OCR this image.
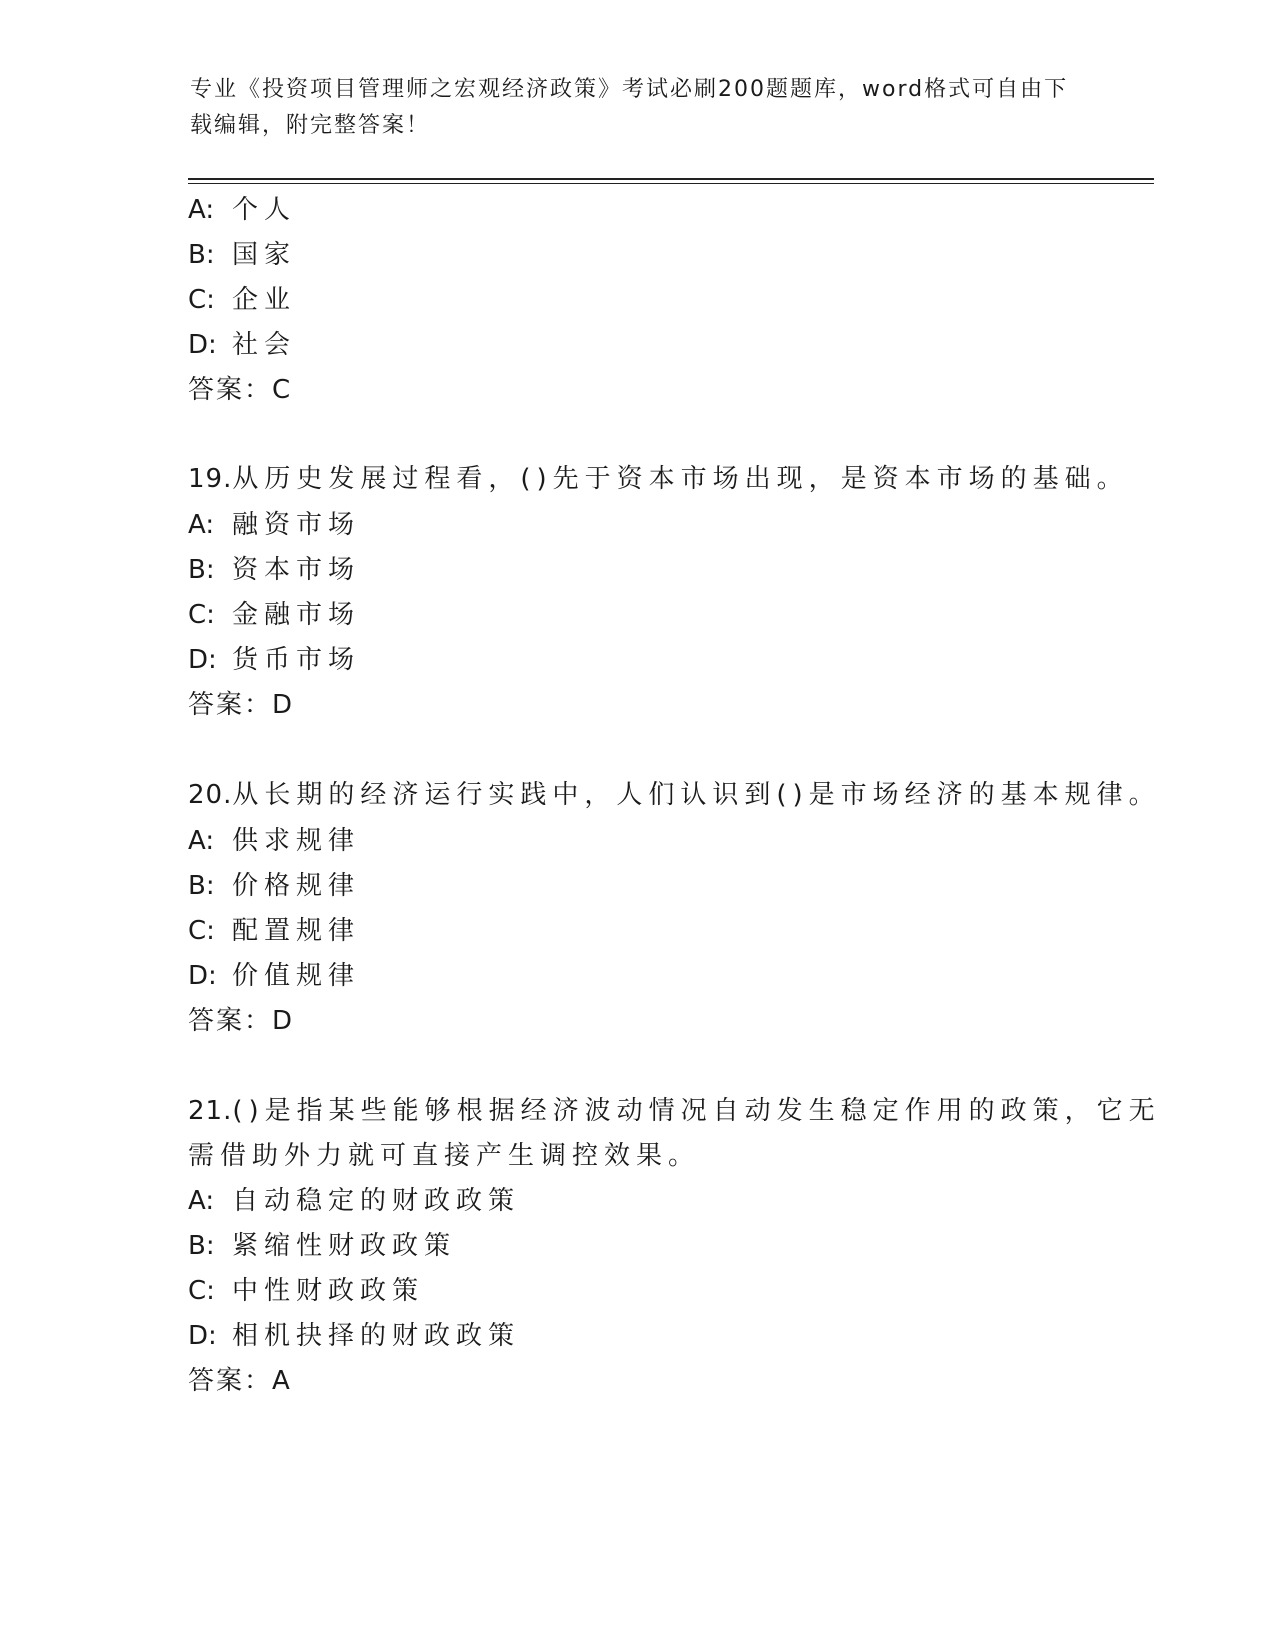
专业《投资项目管理师之宏观经济政策》考试必刷200题题库，word格式可自由下载编辑，附完整答案！
A: 个人
B: 国家
C: 企业
D: 社会
答案：C
19.从历史发展过程看，()先于资本市场出现，是资本市场的基础。
A: 融资市场
B: 资本市场
C: 金融市场
D: 货币市场
答案：D
20.从长期的经济运行实践中，人们认识到()是市场经济的基本规律。
A: 供求规律
B: 价格规律
C: 配置规律
D: 价值规律
答案：D
21.()是指某些能够根据经济波动情况自动发生稳定作用的政策，它无
需借助外力就可直接产生调控效果。
A: 自动稳定的财政政策
B: 紧缩性财政政策
C: 中性财政政策
D: 相机抉择的财政政策
答案：A
